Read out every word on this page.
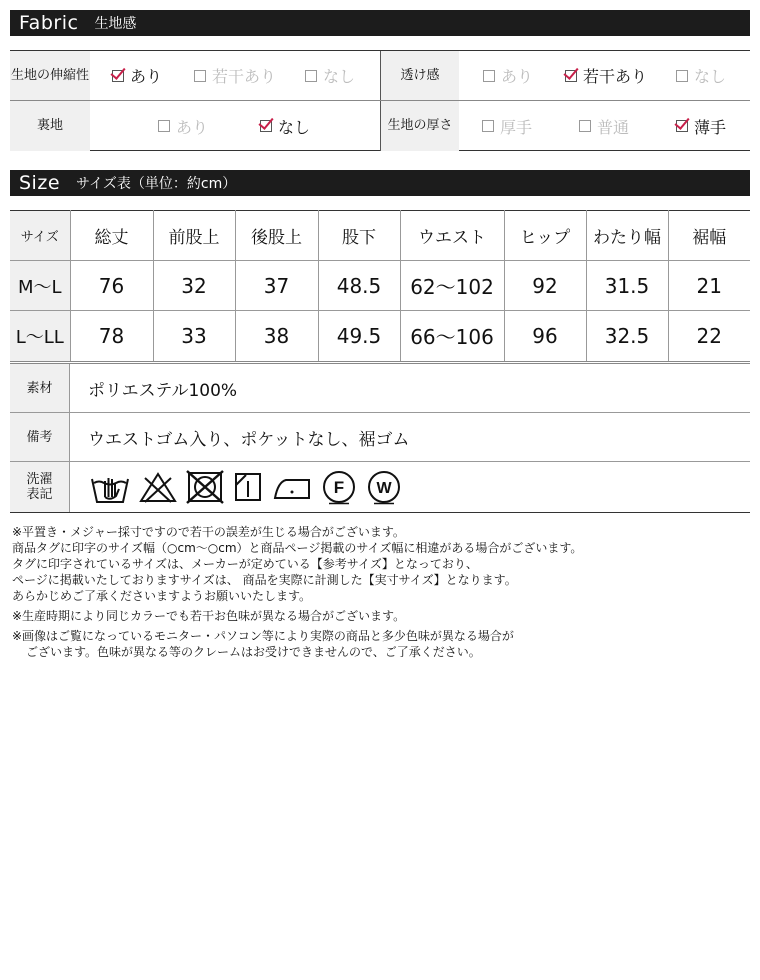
Fabric	生地感
生地の伸縮性	あり	若干あり	なし	透け感	あり	若干あり	なし
裏地	あり	なし	生地の厚さ	厚手	普通	薄手
Size	サイズ表（単位：約cm）
サイズ	総丈	前股上	後股上	股下	ウエスト	ヒップ	わたり幅	裾幅
M～L	76	32	37	48.5	62～102	92	31.5	21
L～LL	78	33	38	49.5	66～106	96	32.5	22
素材	ポリエステル100%
備考	ウエストゴム入り、ポケットなし、裾ゴム
洗濯表記	F W

※平置き・メジャー採寸ですので若干の誤差が生じる場合がございます。

商品タグに印字のサイズ幅（○cm～○cm）と商品ページ掲載のサイズ幅に相違がある場合がございます。

タグに印字されているサイズは、メーカーが定めている【参考サイズ】となっており、

ページに掲載いたしておりますサイズは、 商品を実際に計測した【実寸サイズ】となります。

あらかじめご了承くださいますようお願いいたします。

※生産時期により同じカラーでも若干お色味が異なる場合がございます。

※画像はご覧になっているモニター・パソコン等により実際の商品と多少色味が異なる場合が

ございます。色味が異なる等のクレームはお受けできませんので、ご了承ください。
